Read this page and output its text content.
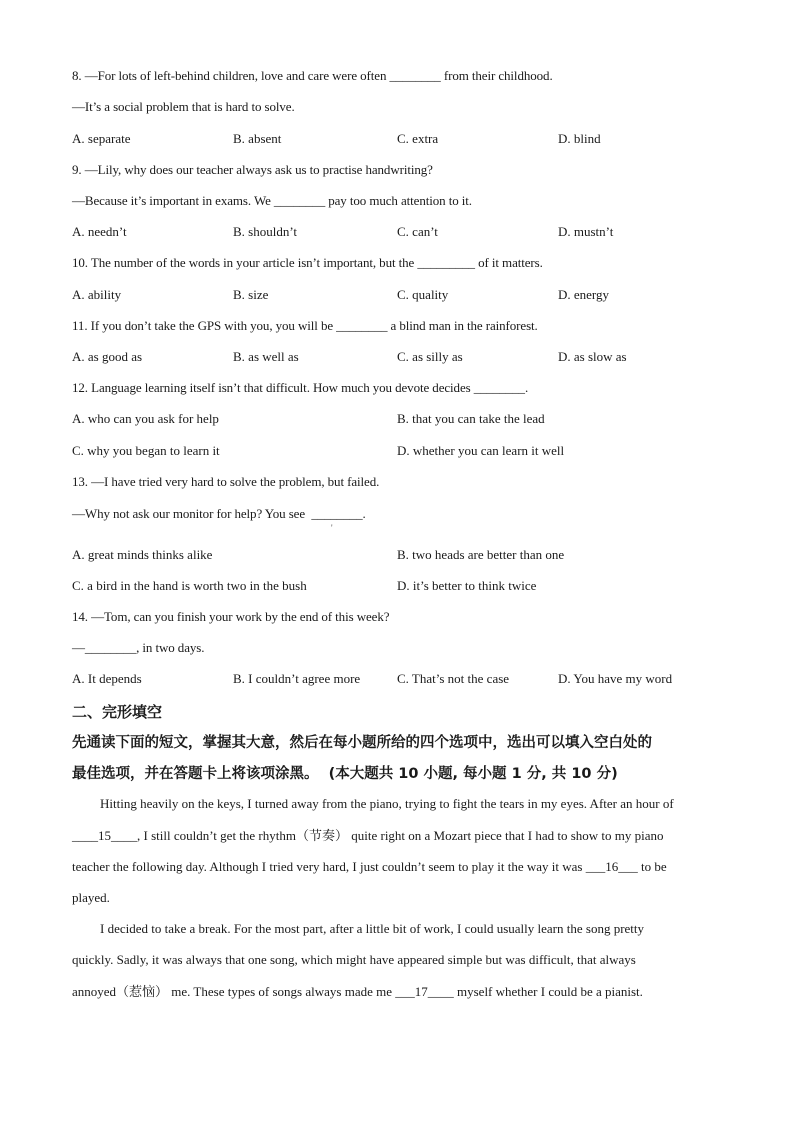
8. —For lots of left-behind children, love and care were often ________ from their childhood.
—It’s a social problem that is hard to solve.
A. separate	B. absent	C. extra	D. blind
9. —Lily, why does our teacher always ask us to practise handwriting?
—Because it’s important in exams. We ________ pay too much attention to it.
A. needn’t	B. shouldn’t	C. can’t	D. mustn’t
10. The number of the words in your article isn’t important, but the _________ of it matters.
A. ability	B. size	C. quality	D. energy
11. If you don’t take the GPS with you, you will be ________ a blind man in the rainforest.
A. as good as	B. as well as	C. as silly as	D. as slow as
12. Language learning itself isn’t that difficult. How much you devote decides ________.
A. who can you ask for help	B. that you can take the lead
C. why you began to learn it	D. whether you can learn it well
13. —I have tried very hard to solve the problem, but failed.
—Why not ask our monitor for help? You see  ________.
'
A. great minds thinks alike	B. two heads are better than one
C. a bird in the hand is worth two in the bush	D. it’s better to think twice
14. —Tom, can you finish your work by the end of this week?
—________, in two days.
A. It depends	B. I couldn’t agree more	C. That’s not the case	D. You have my word
二、完形填空
先通读下面的短文，掌握其大意，然后在每小题所给的四个选项中，选出可以填入空白处的
最佳选项，并在答题卡上将该项涂黑。  (本大题共 10 小题, 每小题 1 分, 共 10 分)
Hitting heavily on the keys, I turned away from the piano, trying to fight the tears in my eyes. After an hour of
____15____, I still couldn’t get the rhythm（节奏） quite right on a Mozart piece that I had to show to my piano
teacher the following day. Although I tried very hard, I just couldn’t seem to play it the way it was ___16___ to be
played.
I decided to take a break. For the most part, after a little bit of work, I could usually learn the song pretty
quickly. Sadly, it was always that one song, which might have appeared simple but was difficult, that always
annoyed（惹恼） me. These types of songs always made me ___17____ myself whether I could be a pianist.
